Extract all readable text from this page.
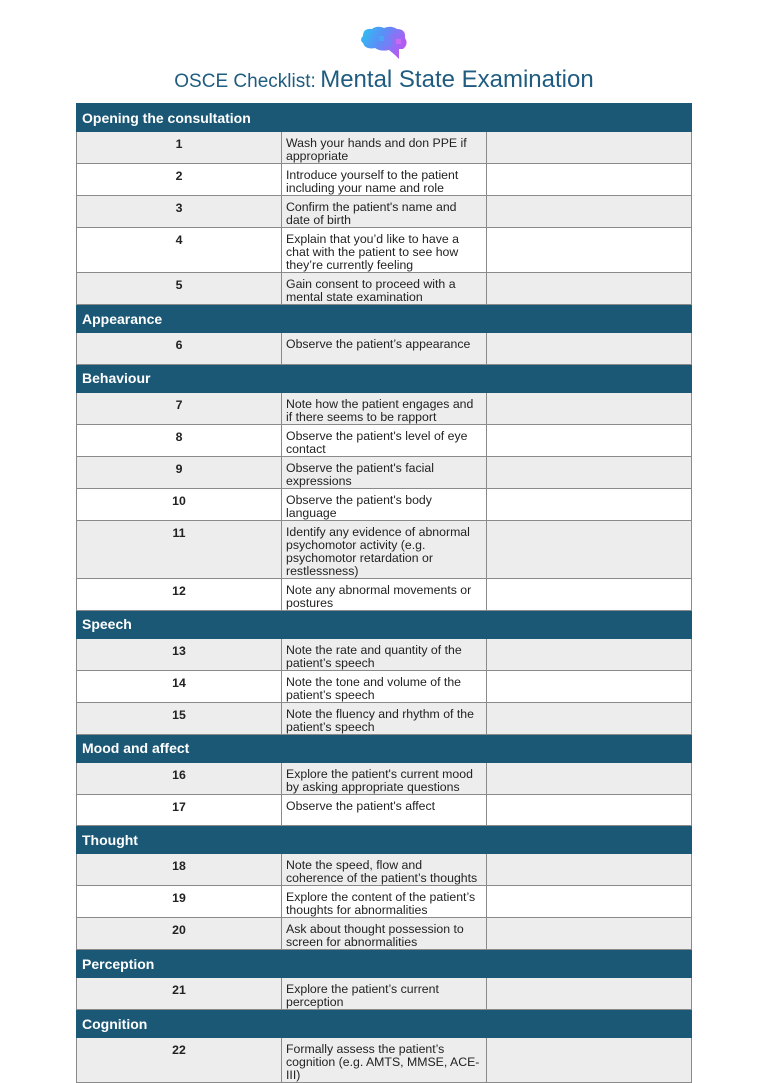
OSCE Checklist: Mental State Examination
Opening the consultation		
1	Wash your hands and don PPE if appropriate	
2	Introduce yourself to the patient including your name and role	
3	Confirm the patient's name and date of birth	
4	Explain that you’d like to have a chat with the patient to see how they’re currently feeling	
5	Gain consent to proceed with a mental state examination	
Appearance		
6	Observe the patient’s appearance	
Behaviour		
7	Note how the patient engages and if there seems to be rapport	
8	Observe the patient's level of eye contact	
9	Observe the patient's facial expressions	
10	Observe the patient's body language	
11	Identify any evidence of abnormal psychomotor activity (e.g. psychomotor retardation or restlessness)	
12	Note any abnormal movements or postures	
Speech		
13	Note the rate and quantity of the patient’s speech	
14	Note the tone and volume of the patient’s speech	
15	Note the fluency and rhythm of the patient’s speech	
Mood and affect		
16	Explore the patient's current mood by asking appropriate questions	
17	Observe the patient's affect	
Thought		
18	Note the speed, flow and coherence of the patient’s thoughts	
19	Explore the content of the patient’s thoughts for abnormalities	
20	Ask about thought possession to screen for abnormalities	
Perception		
21	Explore the patient’s current perception	
Cognition		
22	Formally assess the patient’s cognition (e.g. AMTS, MMSE, ACE-III)	
